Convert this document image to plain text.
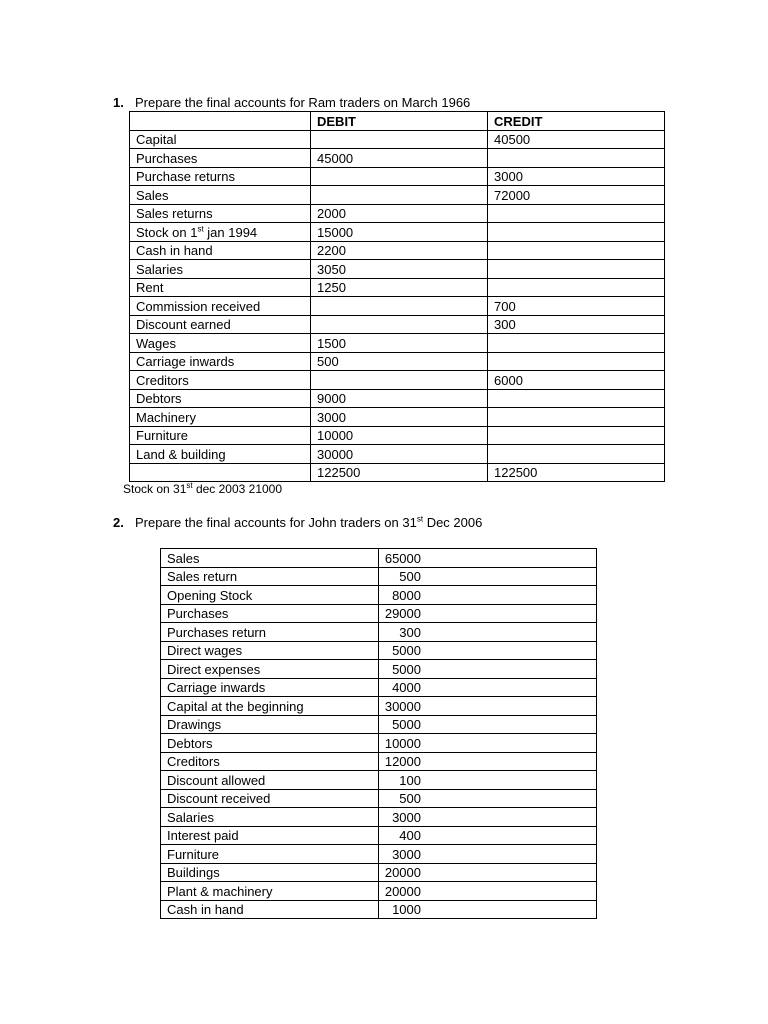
1. Prepare the final accounts for Ram traders on March 1966
	DEBIT	CREDIT
Capital		40500
Purchases	45000	
Purchase returns		3000
Sales		72000
Sales returns	2000	
Stock on 1st jan 1994	15000	
Cash in hand	2200	
Salaries	3050	
Rent	1250	
Commission received		700
Discount earned		300
Wages	1500	
Carriage inwards	500	
Creditors		6000
Debtors	9000	
Machinery	3000	
Furniture	10000	
Land & building	30000	
	122500	122500
Stock on 31st dec 2003 21000
2. Prepare the final accounts for John traders on 31st Dec 2006
Sales	65000
Sales return	500
Opening Stock	8000
Purchases	29000
Purchases return	300
Direct wages	5000
Direct expenses	5000
Carriage inwards	4000
Capital at the beginning	30000
Drawings	5000
Debtors	10000
Creditors	12000
Discount allowed	100
Discount received	500
Salaries	3000
Interest paid	400
Furniture	3000
Buildings	20000
Plant & machinery	20000
Cash in hand	1000
